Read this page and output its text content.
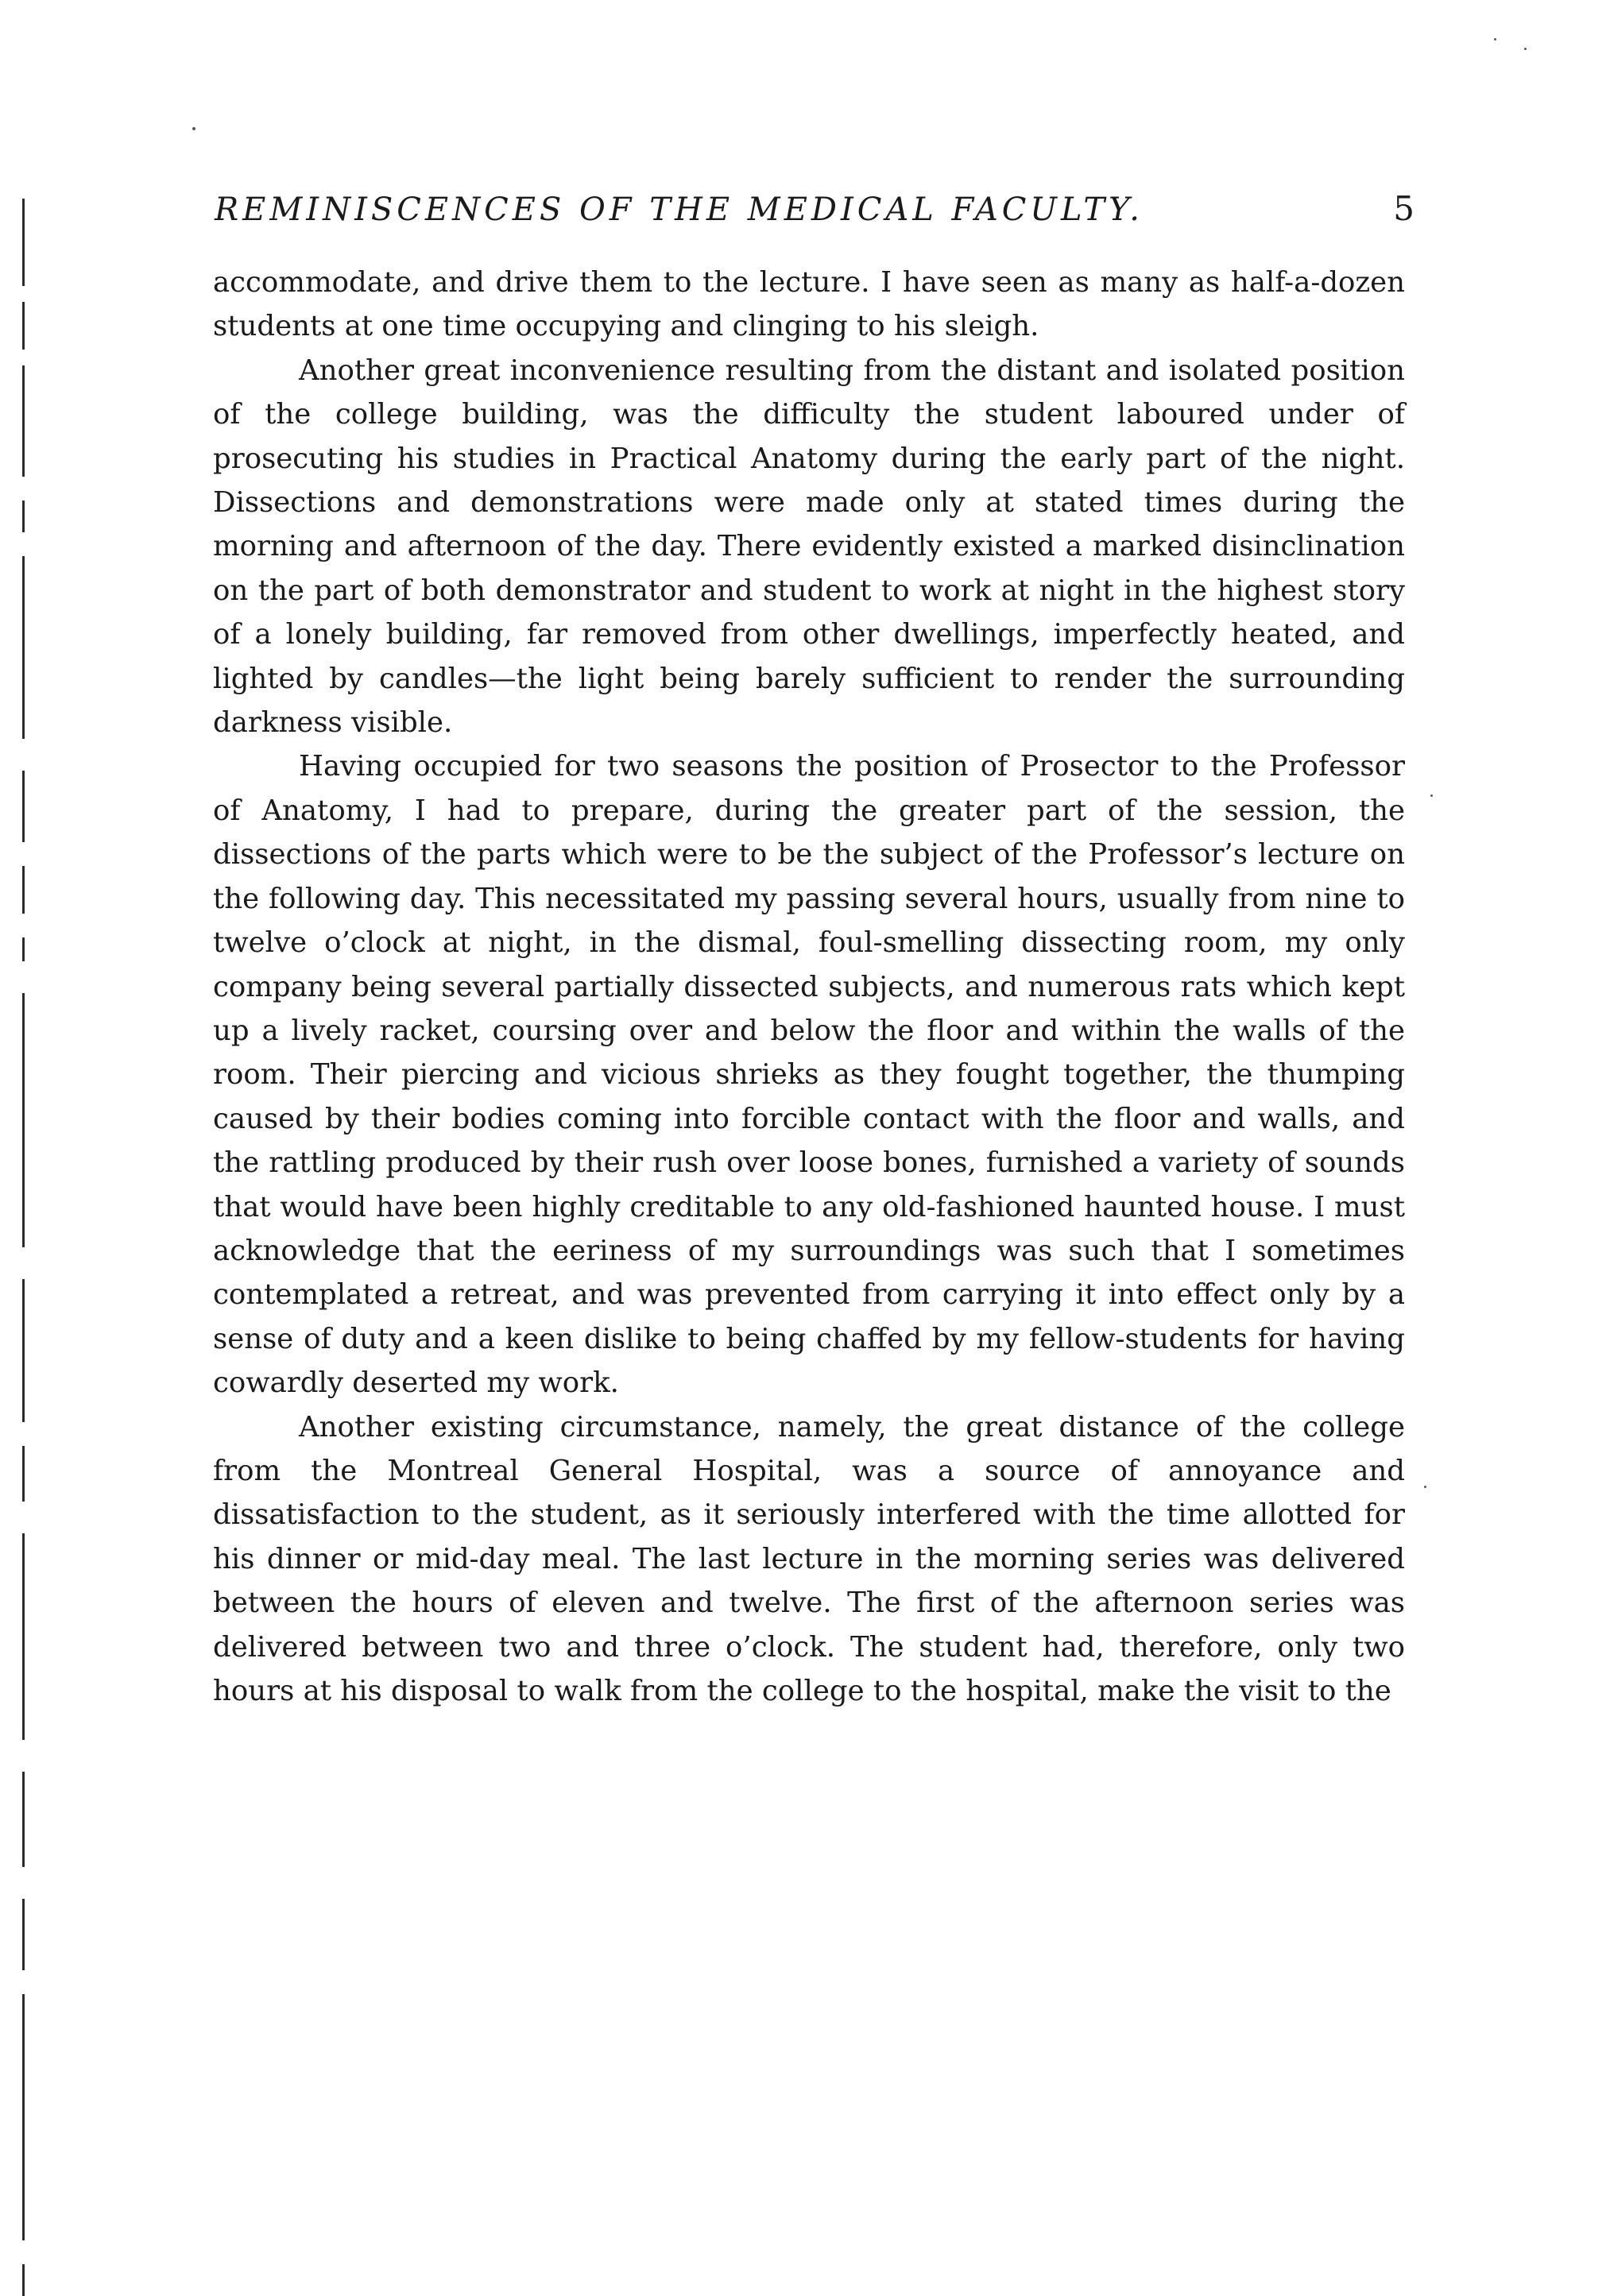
REMINISCENCES OF THE MEDICAL FACULTY.	5

accommodate, and drive them to the lecture. I have seen as many as half-a-dozen students at one time occupying and clinging to his sleigh.

Another great inconvenience resulting from the distant and isolated position of the college building, was the difficulty the student laboured under of prosecuting his studies in Practical Anatomy during the early part of the night. Dissections and demonstrations were made only at stated times during the morning and afternoon of the day. There evidently existed a marked disinclination on the part of both demonstrator and student to work at night in the highest story of a lonely building, far removed from other dwellings, imperfectly heated, and lighted by candles—the light being barely sufficient to render the surrounding darkness visible.

Having occupied for two seasons the position of Prosector to the Professor of Anatomy, I had to prepare, during the greater part of the session, the dissections of the parts which were to be the subject of the Professor’s lecture on the following day. This necessitated my passing several hours, usually from nine to twelve o’clock at night, in the dismal, foul-smelling dissecting room, my only company being several partially dissected subjects, and numerous rats which kept up a lively racket, coursing over and below the floor and within the walls of the room. Their piercing and vicious shrieks as they fought together, the thumping caused by their bodies coming into forcible contact with the floor and walls, and the rattling produced by their rush over loose bones, furnished a variety of sounds that would have been highly creditable to any old-fashioned haunted house. I must acknowledge that the eeriness of my surroundings was such that I sometimes contemplated a retreat, and was prevented from carrying it into effect only by a sense of duty and a keen dislike to being chaffed by my fellow-students for having cowardly deserted my work.

Another existing circumstance, namely, the great distance of the college from the Montreal General Hospital, was a source of annoyance and dissatisfaction to the student, as it seriously interfered with the time allotted for his dinner or mid-day meal. The last lecture in the morning series was delivered between the hours of eleven and twelve. The first of the afternoon series was delivered between two and three o’clock. The student had, therefore, only two hours at his disposal to walk from the college to the hospital, make the visit to the
